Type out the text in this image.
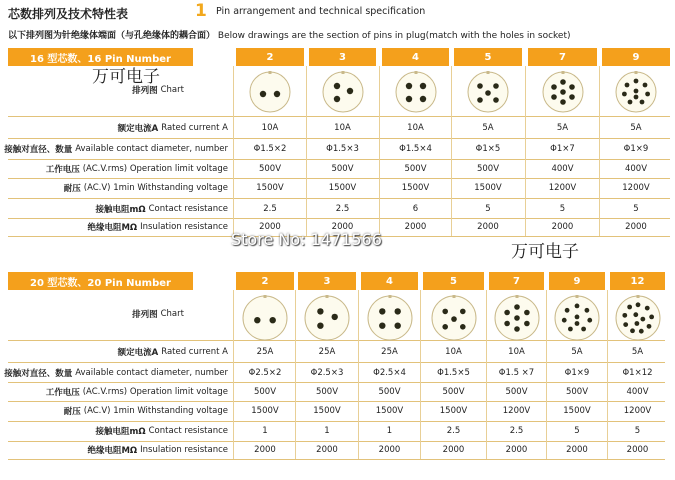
芯数排列及技术特性表	1 Pin arrangement and technical specification
以下排列图为针绝缘体端面（与孔绝缘体的耦合面） Below drawings are the section of pins in plug(match with the holes in socket)
16 型芯数、16 Pin Number	2	3	4	5	7	9
排列图 Chart
额定电流A Rated current A	10A	10A	10A	5A	5A	5A
接触对直径、数量 Available contact diameter, number	Φ1.5×2	Φ1.5×3	Φ1.5×4	Φ1×5	Φ1×7	Φ1×9
工作电压 (AC.V.rms) Operation limit voltage	500V	500V	500V	500V	400V	400V
耐压 (AC.V) 1min Withstanding voltage	1500V	1500V	1500V	1500V	1200V	1200V
接触电阻mΩ Contact resistance	2.5	2.5	6	5	5	5
绝缘电阻MΩ Insulation resistance	2000	2000	2000	2000	2000	2000
20 型芯数、20 Pin Number	2	3	4	5	7	9	12
排列图 Chart
额定电流A Rated current A	25A	25A	25A	10A	10A	5A	5A
接触对直径、数量 Available contact diameter, number	Φ2.5×2	Φ2.5×3	Φ2.5×4	Φ1.5×5	Φ1.5 ×7	Φ1×9	Φ1×12
工作电压 (AC.V.rms) Operation limit voltage	500V	500V	500V	500V	500V	500V	400V
耐压 (AC.V) 1min Withstanding voltage	1500V	1500V	1500V	1500V	1200V	1500V	1200V
接触电阻mΩ Contact resistance	1	1	1	2.5	2.5	5	5
绝缘电阻MΩ Insulation resistance	2000	2000	2000	2000	2000	2000	2000
万可电子
Store No: 1471566
万可电子
